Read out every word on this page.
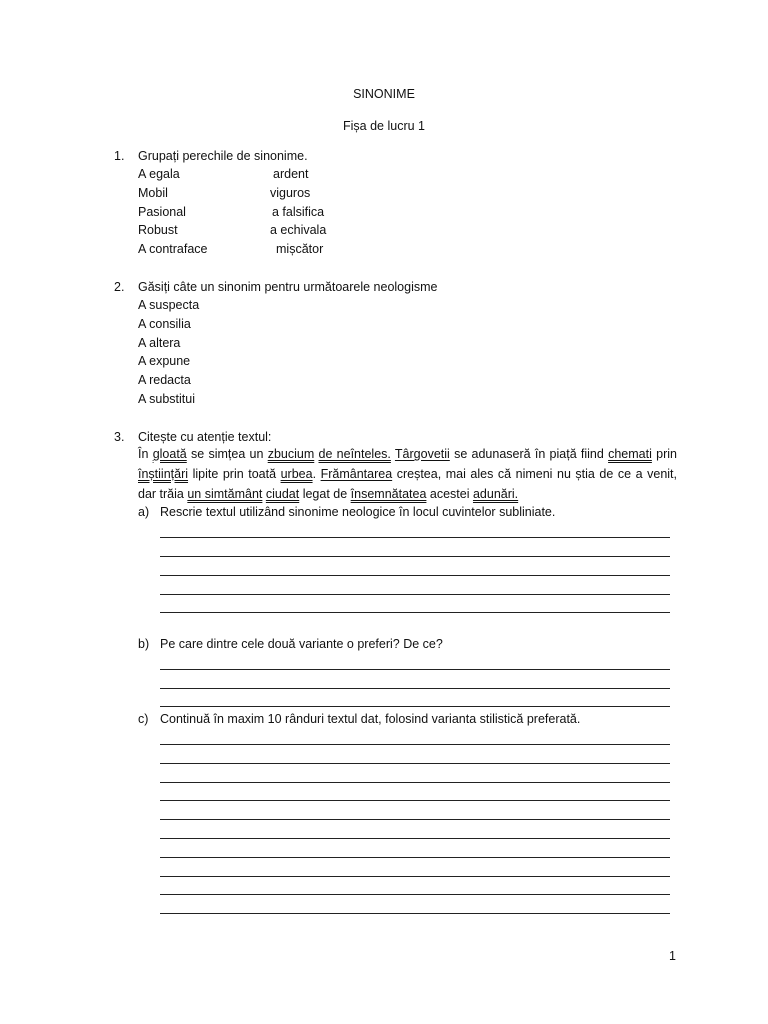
SINONIME
Fișa de lucru 1
1. Grupați perechile de sinonime.
A egala
Mobil
Pasional
Robust
A contraface
ardent
viguros
a falsifica
a echivala
mișcător
2. Găsiți câte un sinonim pentru următoarele neologisme
A suspecta
A consilia
A altera
A expune
A redacta
A substitui
3. Citește cu atenție textul:
În gloată se simțea un zbucium de neînteles. Târgovetii se adunaseră în piață fiind chemati prin înștiințări lipite prin toată urbea. Frământarea creștea, mai ales că nimeni nu știa de ce a venit, dar trăia un simtământ ciudat legat de însemnătatea acestei adunări.
a) Rescrie textul utilizând sinonime neologice în locul cuvintelor subliniate.
b) Pe care dintre cele două variante o preferi? De ce?
c) Continuă în maxim 10 rânduri textul dat, folosind varianta stilistică preferată.
1
